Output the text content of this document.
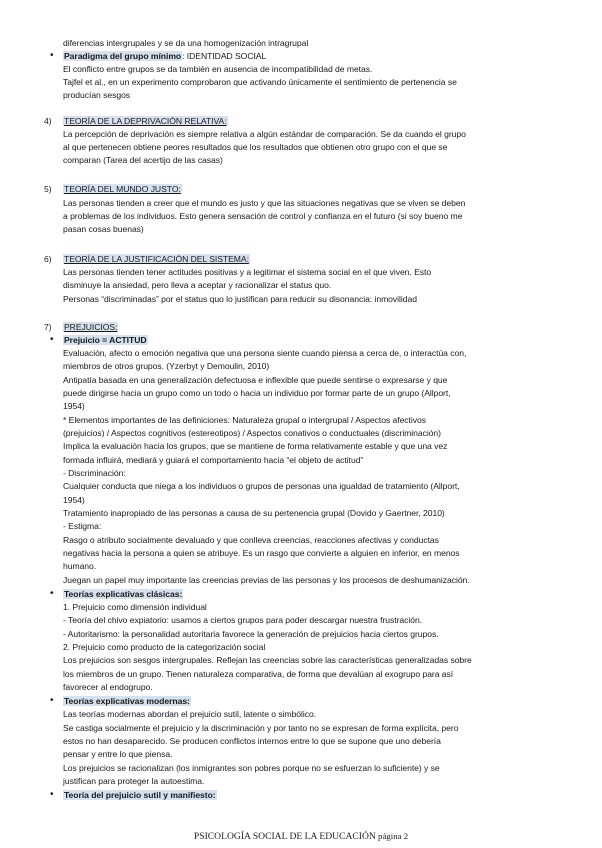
diferencias intergrupales y se da una homogenización intragrupal
• Paradigma del grupo mínimo: IDENTIDAD SOCIAL
El conflicto entre grupos se da también en ausencia de incompatibilidad de metas.
Tajfel et al., en un experimento comprobaron que activando únicamente el sentimiento de pertenencia se
producían sesgos
4) TEORÍA DE LA DEPRIVACIÓN RELATIVA:
La percepción de deprivación es siempre relativa a algún estándar de comparación. Se da cuando el grupo
al que pertenecen obtiene peores resultados que los resultados que obtienen otro grupo con el que se
comparan (Tarea del acertijo de las casas)
5) TEORÍA DEL MUNDO JUSTO:
Las personas tienden a creer que el mundo es justo y que las situaciones negativas que se viven se deben
a problemas de los individuos. Esto genera sensación de control y confianza en el futuro (si soy bueno me
pasan cosas buenas)
6) TEORÍA DE LA JUSTIFICACIÓN DEL SISTEMA:
Las personas tienden tener actitudes positivas y a legitimar el sistema social en el que viven. Esto
disminuye la ansiedad, pero lleva a aceptar y racionalizar el status quo.
Personas “discriminadas” por el status quo lo justifican para reducir su disonancia: inmovilidad
7) PREJUICIOS:
• Prejuicio = ACTITUD
Evaluación, afecto o emoción negativa que una persona siente cuando piensa a cerca de, o interactúa con,
miembros de otros grupos. (Yzerbyt y Demoulin, 2010)
Antipatía basada en una generalización defectuosa e inflexible que puede sentirse o expresarse y que
puede dirigirse hacia un grupo como un todo o hacia un individuo por formar parte de un grupo (Allport,
1954)
* Elementos importantes de las definiciones: Naturaleza grupal o intergrupal / Aspectos afectivos
(prejuicios) / Aspectos cognitivos (estereotipos) / Aspectos conativos o conductuales (discriminación)
Implica la evaluación hacia los grupos, que se mantiene de forma relativamente estable y que una vez
formada influirá, mediará y guiará el comportamiento hacia “el objeto de actitud”
- Discriminación:
Cualquier conducta que niega a los individuos o grupos de personas una igualdad de tratamiento (Allport,
1954)
Tratamiento inapropiado de las personas a causa de su pertenencia grupal (Dovido y Gaertner, 2010)
- Estigma:
Rasgo o atributo socialmente devaluado y que conlleva creencias, reacciones afectivas y conductas
negativas hacia la persona a quien se atribuye. Es un rasgo que convierte a alguien en inferior, en menos
humano.
Juegan un papel muy importante las creencias previas de las personas y los procesos de deshumanización.
• Teorías explicativas clásicas:
1. Prejuicio como dimensión individual
- Teoría del chivo expiatorio: usamos a ciertos grupos para poder descargar nuestra frustración.
- Autoritarismo: la personalidad autoritaria favorece la generación de prejuicios hacia ciertos grupos.
2. Prejuicio como producto de la categorización social
Los prejuicios son sesgos intergrupales. Reflejan las creencias sobre las características generalizadas sobre
los miembros de un grupo. Tienen naturaleza comparativa, de forma que devalúan al exogrupo para así
favorecer al endogrupo.
• Teorías explicativas modernas:
Las teorías modernas abordan el prejuicio sutil, latente o simbólico.
Se castiga socialmente el prejuicio y la discriminación y por tanto no se expresan de forma explícita, pero
estos no han desaparecido. Se producen conflictos internos entre lo que se supone que uno debería
pensar y entre lo que piensa.
Los prejuicios se racionalizan (los inmigrantes son pobres porque no se esfuerzan lo suficiente) y se
justifican para proteger la autoestima.
• Teoría del prejuicio sutil y manifiesto:
PSICOLOGÍA SOCIAL DE LA EDUCACIÓN página 2
